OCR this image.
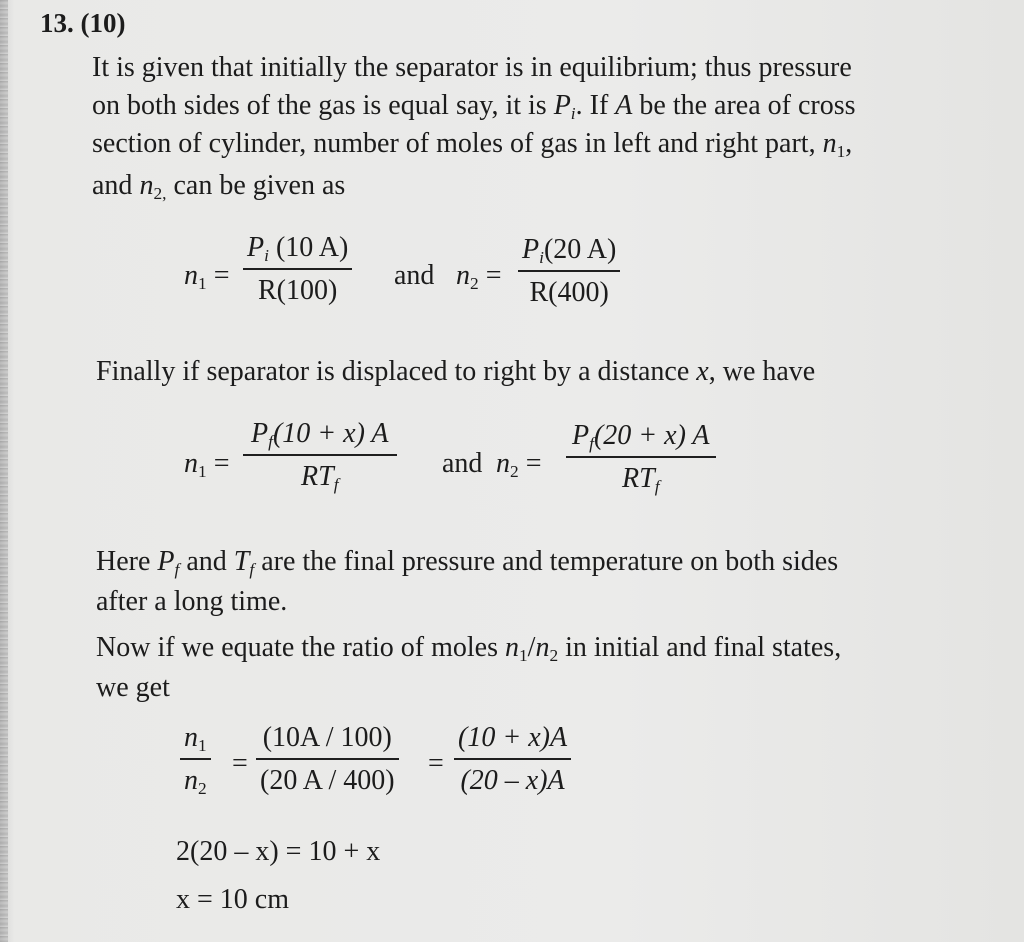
13. (10)
It is given that initially the separator is in equilibrium; thus pressure
on both sides of the gas is equal say, it is $P_i$. If A be the area of cross
section of cylinder, number of moles of gas in left and right part, $n_1$,
and $n_{2,}$ can be given as
$n_1$ =
$P_i$ (10 A)
R(100) and $n_2$ =
$P_i(20$ A)
R(400)
Finally if separator is displaced to right by a distance x, we have
$n_1$ =
$P_f(10 + x)$ A
$RT_f$
and $n_2$ =
$P_f(20 + x)$ A
$RT_f$
Here $P_f$ and $T_f$ are the final pressure and temperature on both sides
after a long time.
Now if we equate the ratio of moles $n_1/n_2$ in initial and final states,
we get
$n_1$
$n_2$
=
(10A / 100)
(20 A / 400)
=
(10 + x)A
(20 – x)A
2(20 – x) = 10 + x
x = 10 cm
